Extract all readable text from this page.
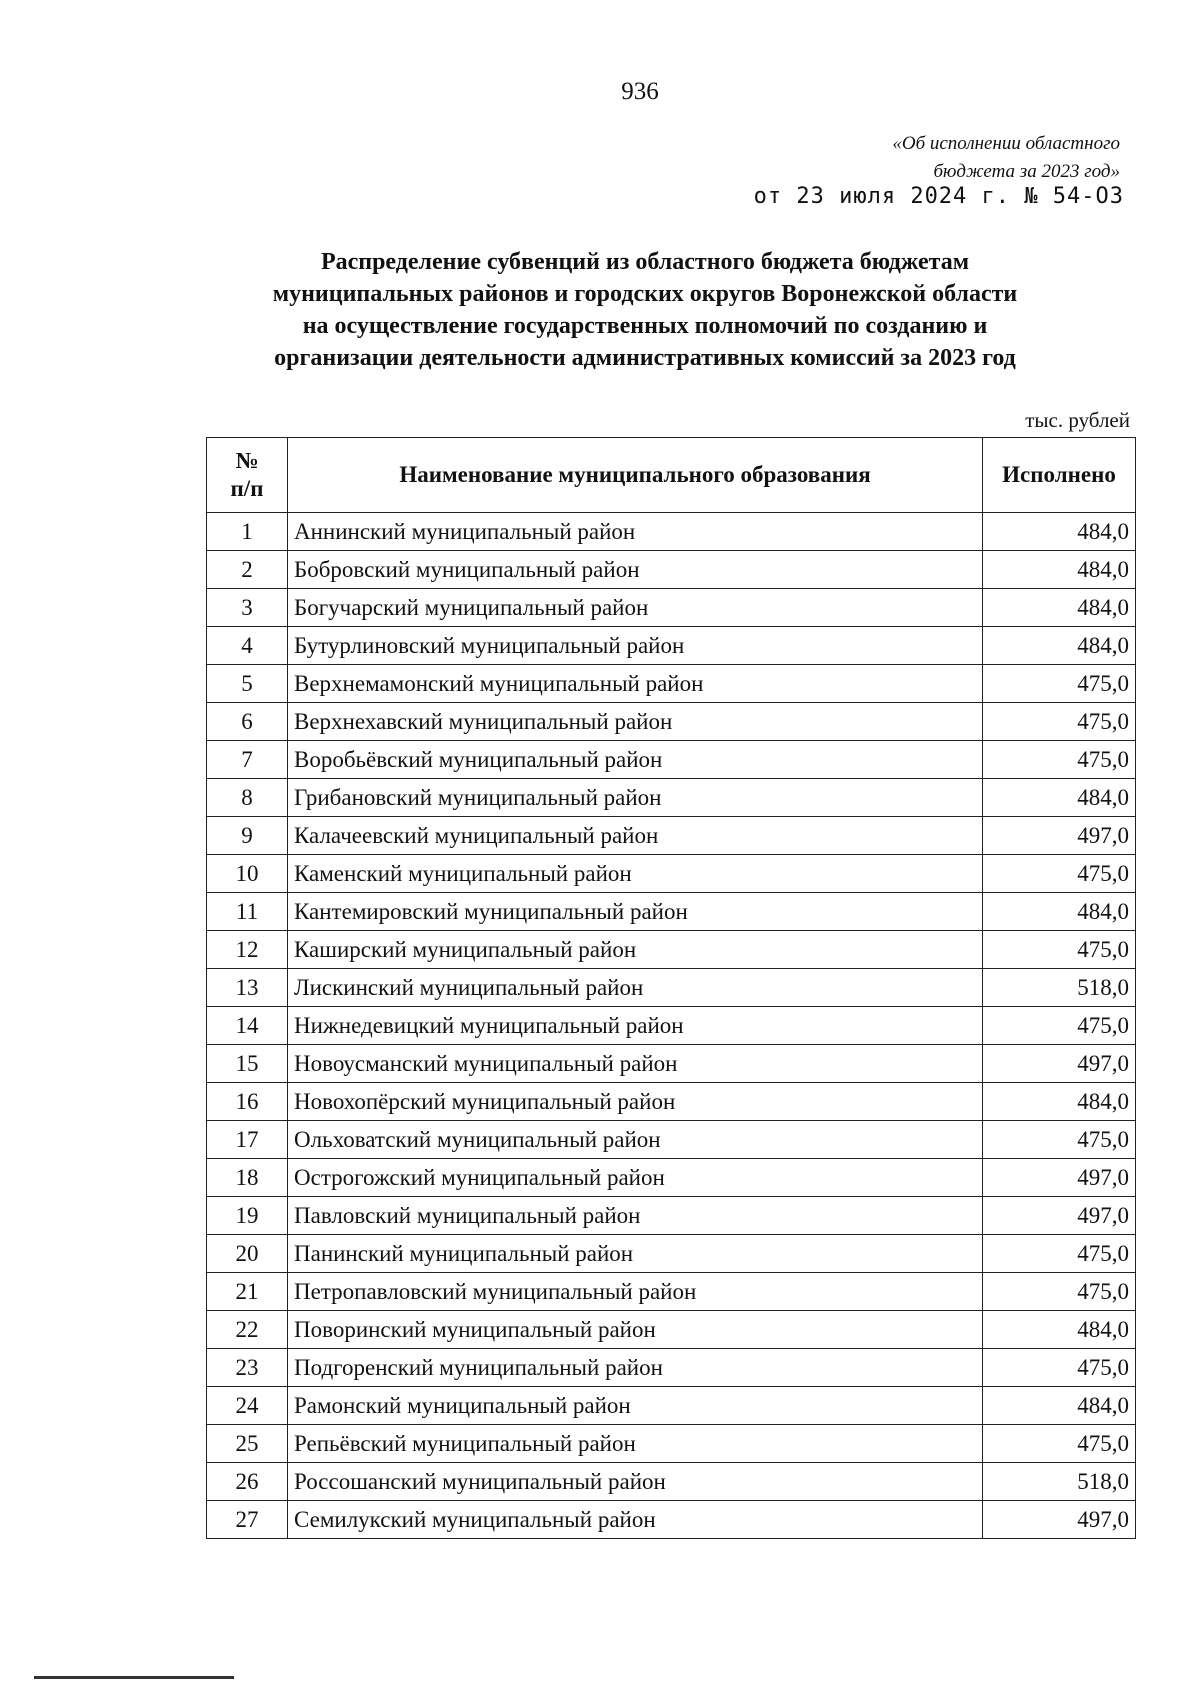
936
«Об исполнении областного
бюджета за 2023 год»
от 23 июля 2024 г. № 54-ОЗ
Распределение субвенций из областного бюджета бюджетам
муниципальных районов и городских округов Воронежской области
на осуществление государственных полномочий по созданию и
организации деятельности административных комиссий за 2023 год
тыс. рублей
№
п/п	Наименование муниципального образования	Исполнено
1	Аннинский муниципальный район	484,0
2	Бобровский муниципальный район	484,0
3	Богучарский муниципальный район	484,0
4	Бутурлиновский муниципальный район	484,0
5	Верхнемамонский муниципальный район	475,0
6	Верхнехавский муниципальный район	475,0
7	Воробьёвский муниципальный район	475,0
8	Грибановский муниципальный район	484,0
9	Калачеевский муниципальный район	497,0
10	Каменский муниципальный район	475,0
11	Кантемировский муниципальный район	484,0
12	Каширский муниципальный район	475,0
13	Лискинский муниципальный район	518,0
14	Нижнедевицкий муниципальный район	475,0
15	Новоусманский муниципальный район	497,0
16	Новохопёрский муниципальный район	484,0
17	Ольховатский муниципальный район	475,0
18	Острогожский муниципальный район	497,0
19	Павловский муниципальный район	497,0
20	Панинский муниципальный район	475,0
21	Петропавловский муниципальный район	475,0
22	Поворинский муниципальный район	484,0
23	Подгоренский муниципальный район	475,0
24	Рамонский муниципальный район	484,0
25	Репьёвский муниципальный район	475,0
26	Россошанский муниципальный район	518,0
27	Семилукский муниципальный район	497,0
